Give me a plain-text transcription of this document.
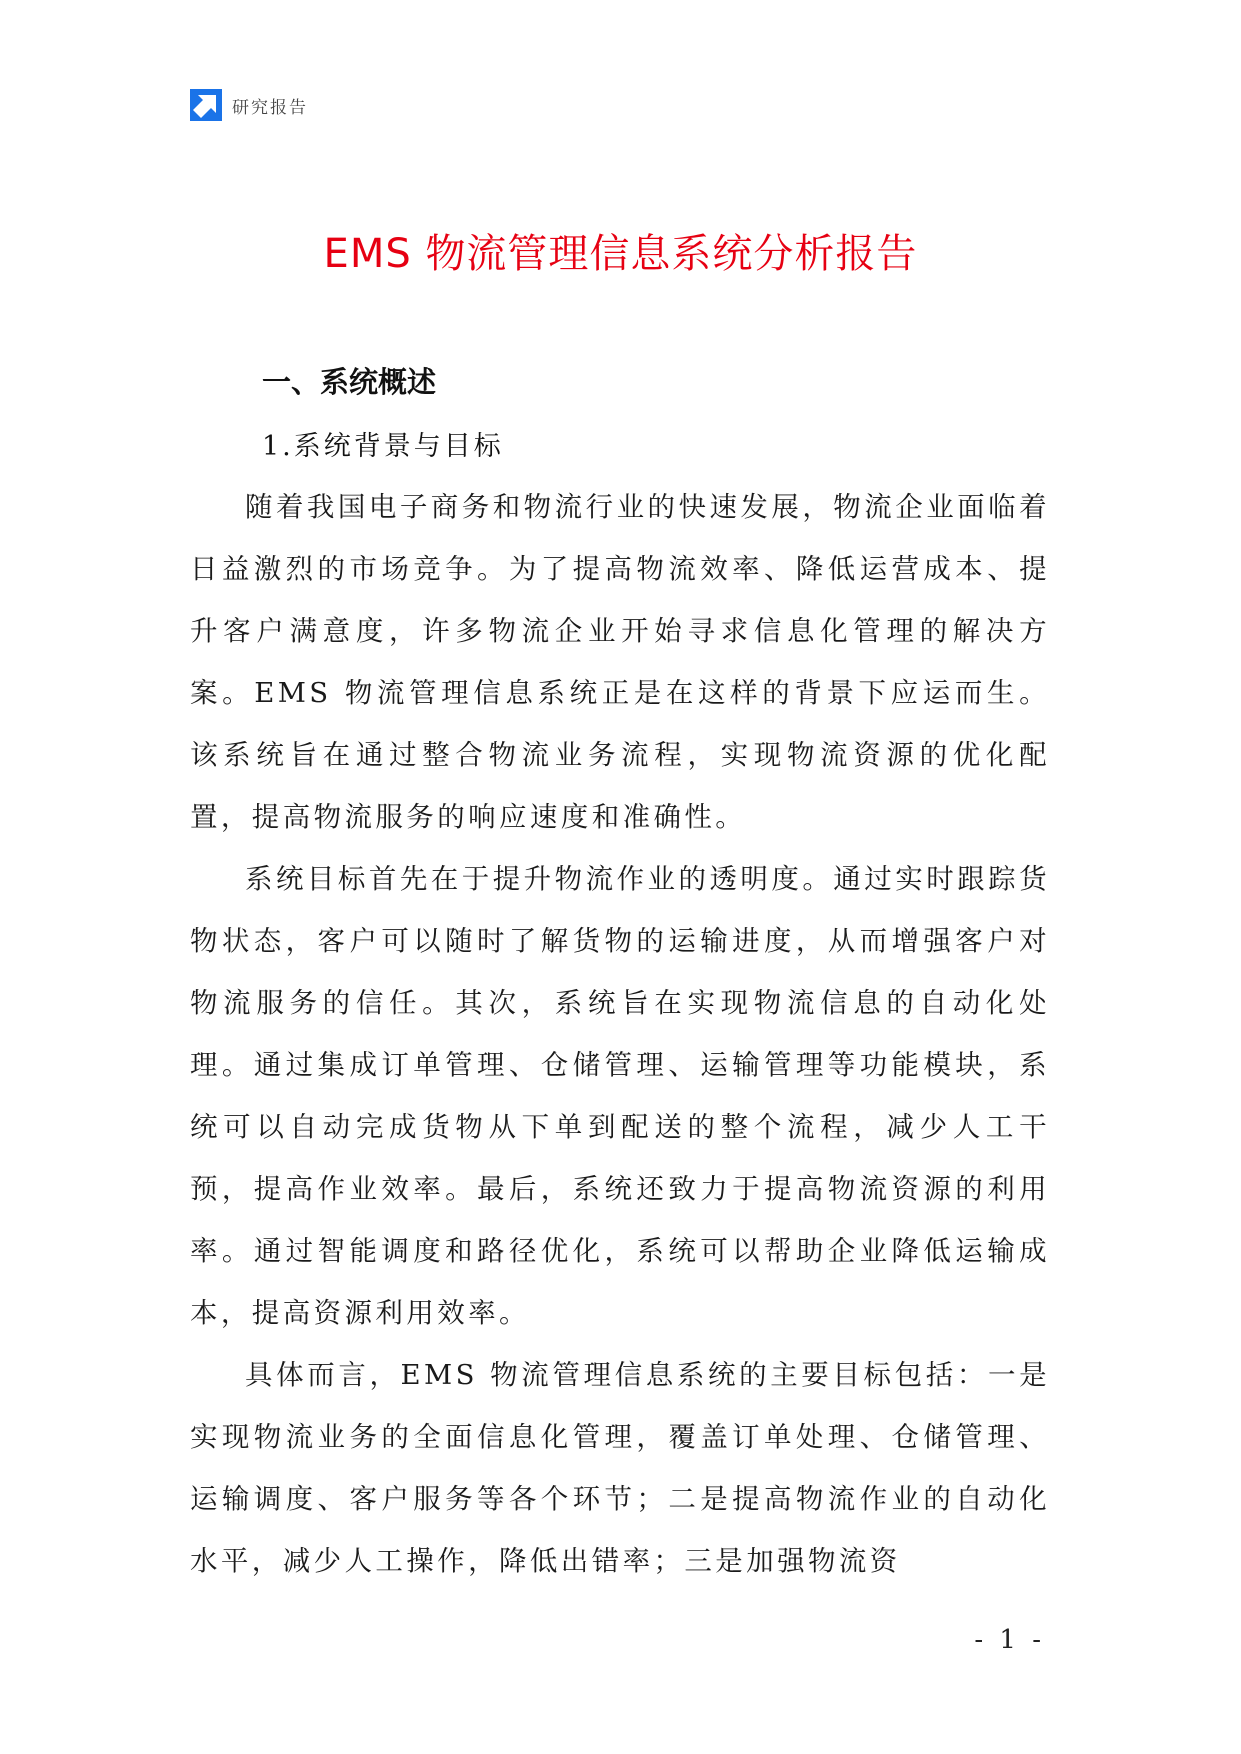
研究报告
EMS 物流管理信息系统分析报告
一、系统概述
1.系统背景与目标

随着我国电子商务和物流行业的快速发展，物流企业面临着日益激烈的市场竞争。为了提高物流效率、降低运营成本、提升客户满意度，许多物流企业开始寻求信息化管理的解决方案。EMS 物流管理信息系统正是在这样的背景下应运而生。该系统旨在通过整合物流业务流程，实现物流资源的优化配置，提高物流服务的响应速度和准确性。

系统目标首先在于提升物流作业的透明度。通过实时跟踪货物状态，客户可以随时了解货物的运输进度，从而增强客户对物流服务的信任。其次，系统旨在实现物流信息的自动化处理。通过集成订单管理、仓储管理、运输管理等功能模块，系统可以自动完成货物从下单到配送的整个流程，减少人工干预，提高作业效率。最后，系统还致力于提高物流资源的利用率。通过智能调度和路径优化，系统可以帮助企业降低运输成本，提高资源利用效率。

具体而言，EMS 物流管理信息系统的主要目标包括：一是实现物流业务的全面信息化管理，覆盖订单处理、仓储管理、运输调度、客户服务等各个环节；二是提高物流作业的自动化水平，减少人工操作，降低出错率；三是加强物流资

- 1 -
